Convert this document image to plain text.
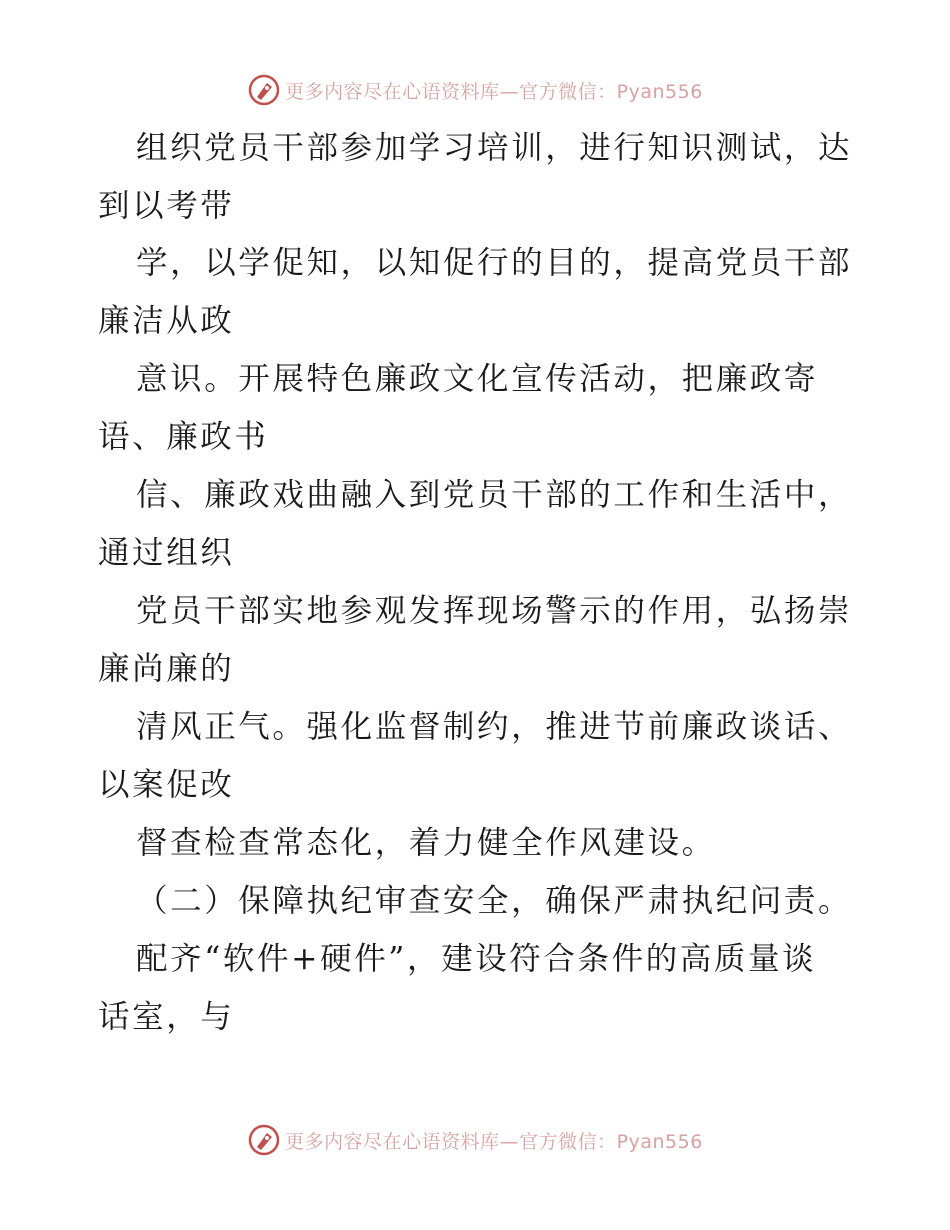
更多内容尽在心语资料库—官方微信：Pyan556
组织党员干部参加学习培训，进行知识测试，达
到以考带
学，以学促知，以知促行的目的，提高党员干部
廉洁从政
意识。开展特色廉政文化宣传活动，把廉政寄
语、廉政书
信、廉政戏曲融入到党员干部的工作和生活中，
通过组织
党员干部实地参观发挥现场警示的作用，弘扬崇
廉尚廉的
清风正气。强化监督制约，推进节前廉政谈话、
以案促改
督查检查常态化，着力健全作风建设。
（二）保障执纪审查安全，确保严肃执纪问责。
配齐“软件+硬件”，建设符合条件的高质量谈
话室，与
更多内容尽在心语资料库—官方微信：Pyan556
